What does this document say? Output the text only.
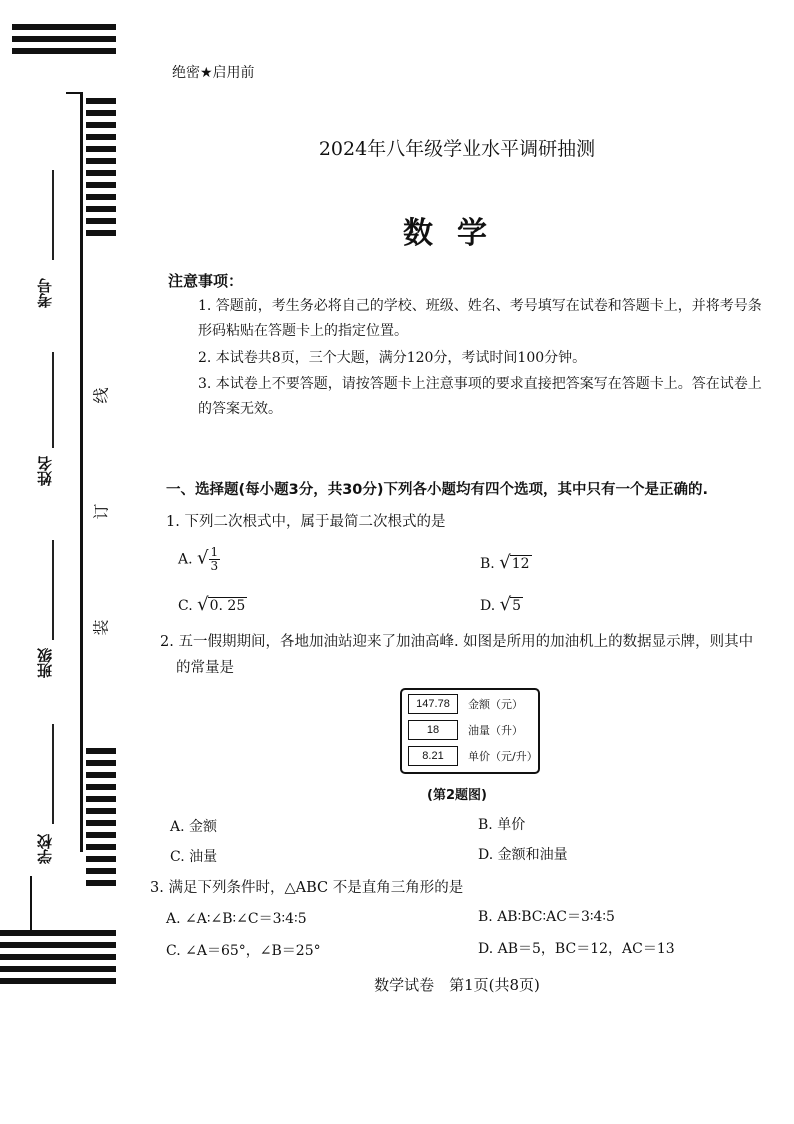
考号
姓名
班级
学校
线
订
装
绝密★启用前
2024年八年级学业水平调研抽测
数学
注意事项：
1. 答题前，考生务必将自己的学校、班级、姓名、考号填写在试卷和答题卡上，并将考号条形码粘贴在答题卡上的指定位置。
2. 本试卷共8页，三个大题，满分120分，考试时间100分钟。
3. 本试卷上不要答题，请按答题卡上注意事项的要求直接把答案写在答题卡上。答在试卷上的答案无效。
一、选择题(每小题3分，共30分)下列各小题均有四个选项，其中只有一个是正确的.
1. 下列二次根式中，属于最简二次根式的是
A. √ $\frac{1}{3}$	B. √12
C. √0. 25	D. √5
2. 五一假期期间，各地加油站迎来了加油高峰. 如图是所用的加油机上的数据显示牌，则其中
的常量是
147.78	金额（元）
18	油量（升）
8.21	单价（元/升）
(第2题图)
A. 金额	B. 单价
C. 油量	D. 金额和油量
3. 满足下列条件时，△ABC 不是直角三角形的是
A. ∠A∶∠B∶∠C＝3∶4∶5	B. AB∶BC∶AC＝3∶4∶5
C. ∠A＝65°，∠B＝25°	D. AB＝5，BC＝12，AC＝13
数学试卷　第1页(共8页)
